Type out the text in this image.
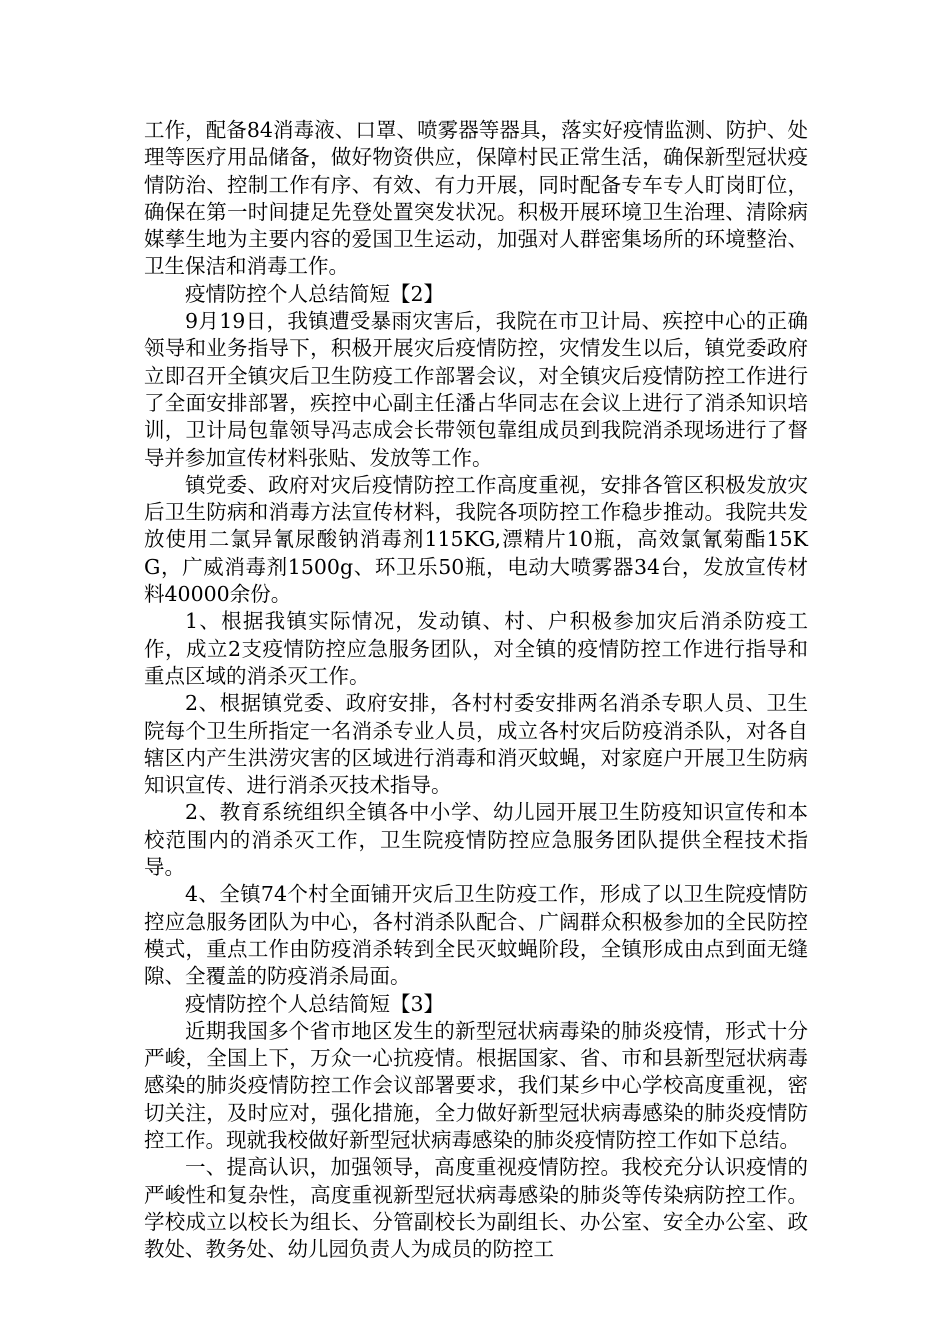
工作，配备84消毒液、口罩、喷雾器等器具，落实好疫情监测、防护、处理等医疗用品储备，做好物资供应，保障村民正常生活，确保新型冠状疫情防治、控制工作有序、有效、有力开展，同时配备专车专人盯岗盯位，确保在第一时间捷足先登处置突发状况。积极开展环境卫生治理、清除病媒孳生地为主要内容的爱国卫生运动，加强对人群密集场所的环境整治、卫生保洁和消毒工作。

疫情防控个人总结简短【2】

9月19日，我镇遭受暴雨灾害后，我院在市卫计局、疾控中心的正确领导和业务指导下，积极开展灾后疫情防控，灾情发生以后，镇党委政府立即召开全镇灾后卫生防疫工作部署会议，对全镇灾后疫情防控工作进行了全面安排部署，疾控中心副主任潘占华同志在会议上进行了消杀知识培训，卫计局包靠领导冯志成会长带领包靠组成员到我院消杀现场进行了督导并参加宣传材料张贴、发放等工作。

镇党委、政府对灾后疫情防控工作高度重视，安排各管区积极发放灾后卫生防病和消毒方法宣传材料，我院各项防控工作稳步推动。我院共发放使用二氯异氰尿酸钠消毒剂115KG,漂精片10瓶，高效氯氰菊酯15KG，广威消毒剂1500g、环卫乐50瓶，电动大喷雾器34台，发放宣传材料40000余份。

1、根据我镇实际情况，发动镇、村、户积极参加灾后消杀防疫工作，成立2支疫情防控应急服务团队，对全镇的疫情防控工作进行指导和重点区域的消杀灭工作。

2、根据镇党委、政府安排，各村村委安排两名消杀专职人员、卫生院每个卫生所指定一名消杀专业人员，成立各村灾后防疫消杀队，对各自辖区内产生洪涝灾害的区域进行消毒和消灭蚊蝇，对家庭户开展卫生防病知识宣传、进行消杀灭技术指导。

2、教育系统组织全镇各中小学、幼儿园开展卫生防疫知识宣传和本校范围内的消杀灭工作，卫生院疫情防控应急服务团队提供全程技术指导。

4、全镇74个村全面铺开灾后卫生防疫工作，形成了以卫生院疫情防控应急服务团队为中心，各村消杀队配合、广阔群众积极参加的全民防控模式，重点工作由防疫消杀转到全民灭蚊蝇阶段，全镇形成由点到面无缝隙、全覆盖的防疫消杀局面。

疫情防控个人总结简短【3】

近期我国多个省市地区发生的新型冠状病毒染的肺炎疫情，形式十分严峻，全国上下，万众一心抗疫情。根据国家、省、市和县新型冠状病毒感染的肺炎疫情防控工作会议部署要求，我们某乡中心学校高度重视，密切关注，及时应对，强化措施，全力做好新型冠状病毒感染的肺炎疫情防控工作。现就我校做好新型冠状病毒感染的肺炎疫情防控工作如下总结。

一、提高认识，加强领导，高度重视疫情防控。我校充分认识疫情的严峻性和复杂性，高度重视新型冠状病毒感染的肺炎等传染病防控工作。学校成立以校长为组长、分管副校长为副组长、办公室、安全办公室、政教处、教务处、幼儿园负责人为成员的防控工
